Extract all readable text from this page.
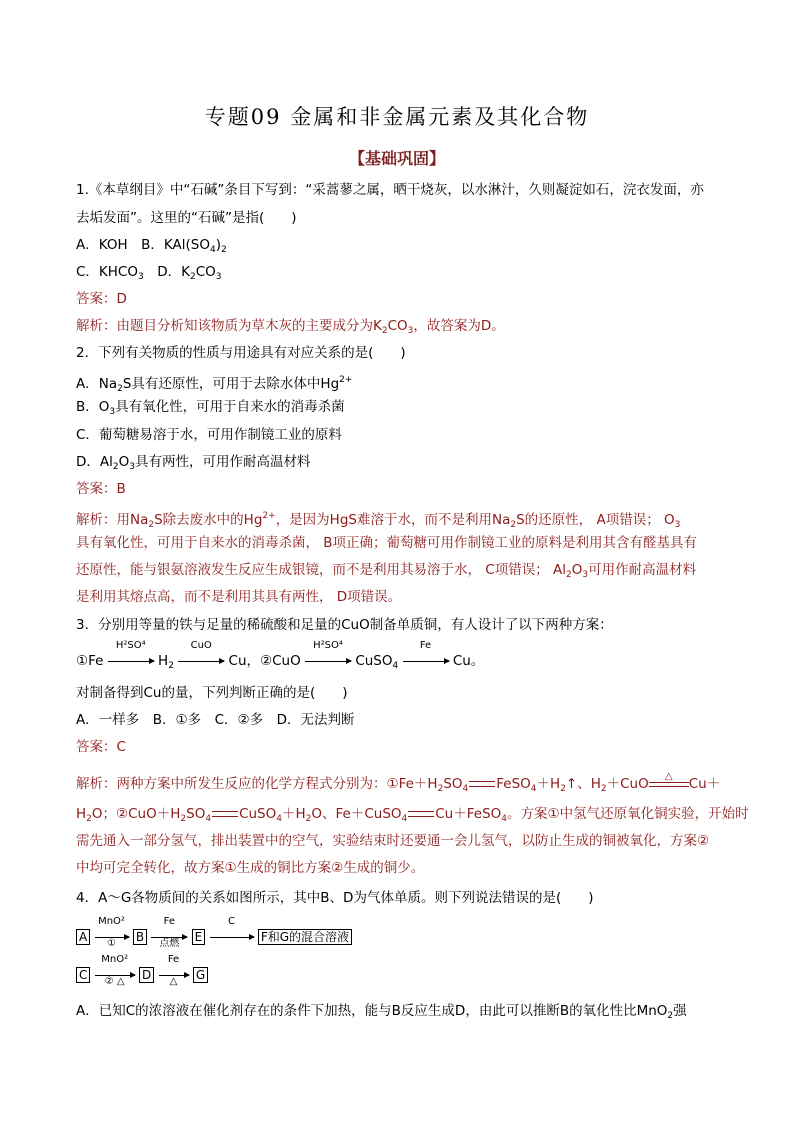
专题09 金属和非金属元素及其化合物
【基础巩固】
1.《本草纲目》中“石碱”条目下写到：“采蒿蓼之属，晒干烧灰，以水淋汁，久则凝淀如石，浣衣发面，亦
去垢发面”。这里的“石碱”是指(　　)
A．KOH　B．$KAl(SO_4)_2$
C．$KHCO_3$　D．$K_2CO_3$
答案：D
解析：由题目分析知该物质为草木灰的主要成分为$K_2CO_3$，故答案为D。
2．下列有关物质的性质与用途具有对应关系的是(　　)
A．$Na_2S$具有还原性，可用于去除水体中$Hg^{2+}$
B．$O_3$具有氧化性，可用于自来水的消毒杀菌
C．葡萄糖易溶于水，可用作制镜工业的原料
D．$Al_2O_3$具有两性，可用作耐高温材料
答案：B
解析：用$Na_2S$除去废水中的$Hg^{2+}$，是因为HgS难溶于水，而不是利用$Na_2S$的还原性， A项错误； $O_3$
具有氧化性，可用于自来水的消毒杀菌， B项正确；葡萄糖可用作制镜工业的原料是利用其含有醛基具有
还原性，能与银氨溶液发生反应生成银镜，而不是利用其易溶于水， C项错误； $Al_2O_3$可用作耐高温材料
是利用其熔点高，而不是利用其具有两性， D项错误。
3．分别用等量的铁与足量的稀硫酸和足量的CuO制备单质铜，有人设计了以下两种方案：
①Fe
H²SO⁴
$H_2$
CuO
Cu，②CuO
H²SO⁴
CuSO$_4$
Fe
Cu。
对制备得到Cu的量，下列判断正确的是(　　)
A．一样多　B．①多　C．②多　D．无法判断
答案：C
解析：两种方案中所发生反应的化学方程式分别为：$①Fe+H_2SO_4$ $FeSO_4+H_2↑$、$H_2+CuO$	△	Cu＋
$H_2O$；$②CuO+H_2SO_4$ $CuSO_4+H_2O$、Fe＋CuSO$_4$ Cu＋FeSO$_4$。方案①中氢气还原氧化铜实验，开始时
需先通入一部分氢气，排出装置中的空气，实验结束时还要通一会儿氢气，以防止生成的铜被氧化，方案②
中均可完全转化，故方案①生成的铜比方案②生成的铜少。
4．A～G各物质间的关系如图所示，其中B、D为气体单质。则下列说法错误的是(　　)
A
MnO²
①	B
Fe
点燃	E
C
F和G的混合溶液
C
MnO²
② △	D
Fe
△	G
A．已知C的浓溶液在催化剂存在的条件下加热，能与B反应生成D，由此可以推断B的氧化性比MnO$_2$强
